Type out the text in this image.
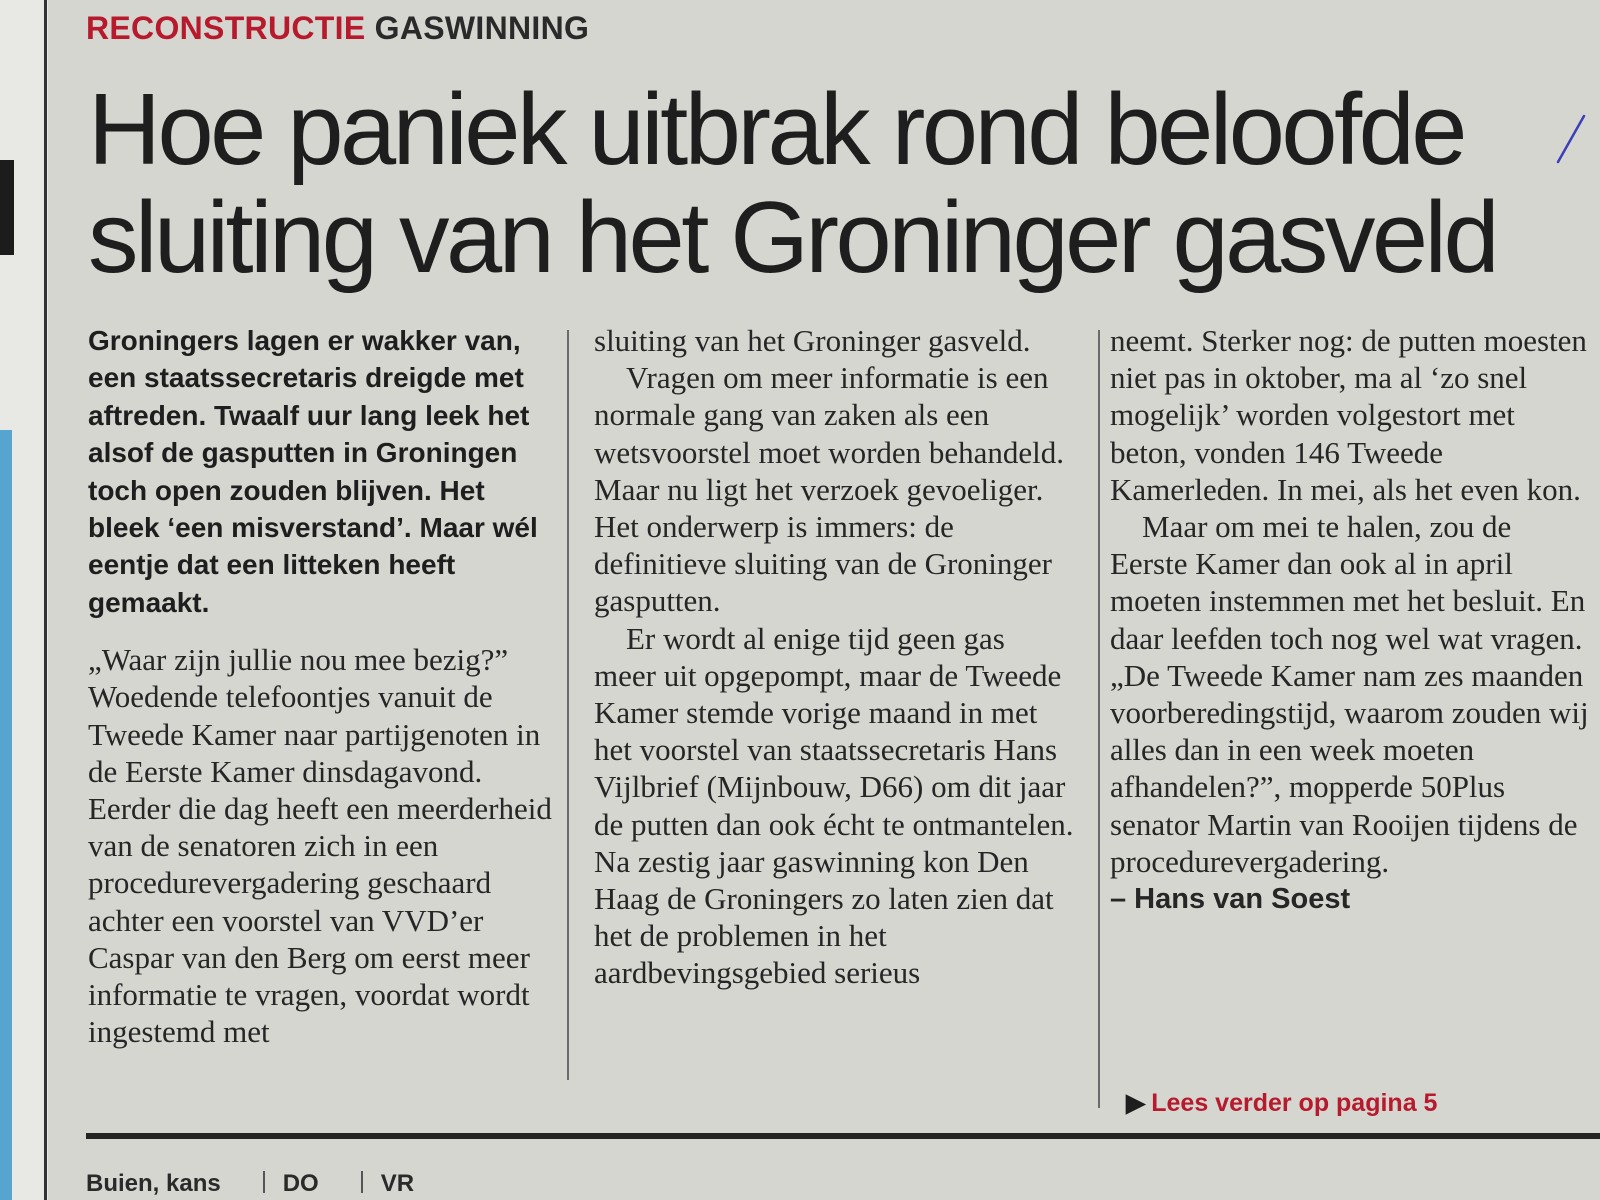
RECONSTRUCTIE GASWINNING
Hoe paniek uitbrak rond beloofde sluiting van het Groninger gasveld
Groningers lagen er wakker van, een staatssecretaris dreigde met aftreden. Twaalf uur lang leek het alsof de gasputten in Groningen toch open zouden blijven. Het bleek ‘een misverstand’. Maar wél eentje dat een litteken heeft gemaakt.

„Waar zijn jullie nou mee bezig?” Woedende telefoontjes vanuit de Tweede Kamer naar partijgenoten in de Eerste Kamer dinsdagavond. Eerder die dag heeft een meerderheid van de senatoren zich in een procedurevergadering geschaard achter een voorstel van VVD’er Caspar van den Berg om eerst meer informatie te vragen, voordat wordt ingestemd met

sluiting van het Groninger gasveld.

Vragen om meer informatie is een normale gang van zaken als een wetsvoorstel moet worden behandeld. Maar nu ligt het verzoek gevoeliger. Het onderwerp is immers: de definitieve sluiting van de Groninger gasputten.

Er wordt al enige tijd geen gas meer uit opgepompt, maar de Tweede Kamer stemde vorige maand in met het voorstel van staatssecretaris Hans Vijlbrief (Mijnbouw, D66) om dit jaar de putten dan ook écht te ontmantelen. Na zestig jaar gaswinning kon Den Haag de Groningers zo laten zien dat het de problemen in het aardbevingsgebied serieus

neemt. Sterker nog: de putten moesten niet pas in oktober, ma al ‘zo snel mogelijk’ worden volgestort met beton, vonden 146 Tweede Kamerleden. In mei, als het even kon.

Maar om mei te halen, zou de Eerste Kamer dan ook al in april moeten instemmen met het besluit. En daar leefden toch nog wel wat vragen. „De Tweede Kamer nam zes maanden voorberedingstijd, waarom zouden wij alles dan in een week moeten afhandelen?”, mopperde 50Plus senator Martin van Rooijen tijdens de procedurevergadering.

– Hans van Soest
▶ Lees verder op pagina 5
Buien, kans	DO	VR
